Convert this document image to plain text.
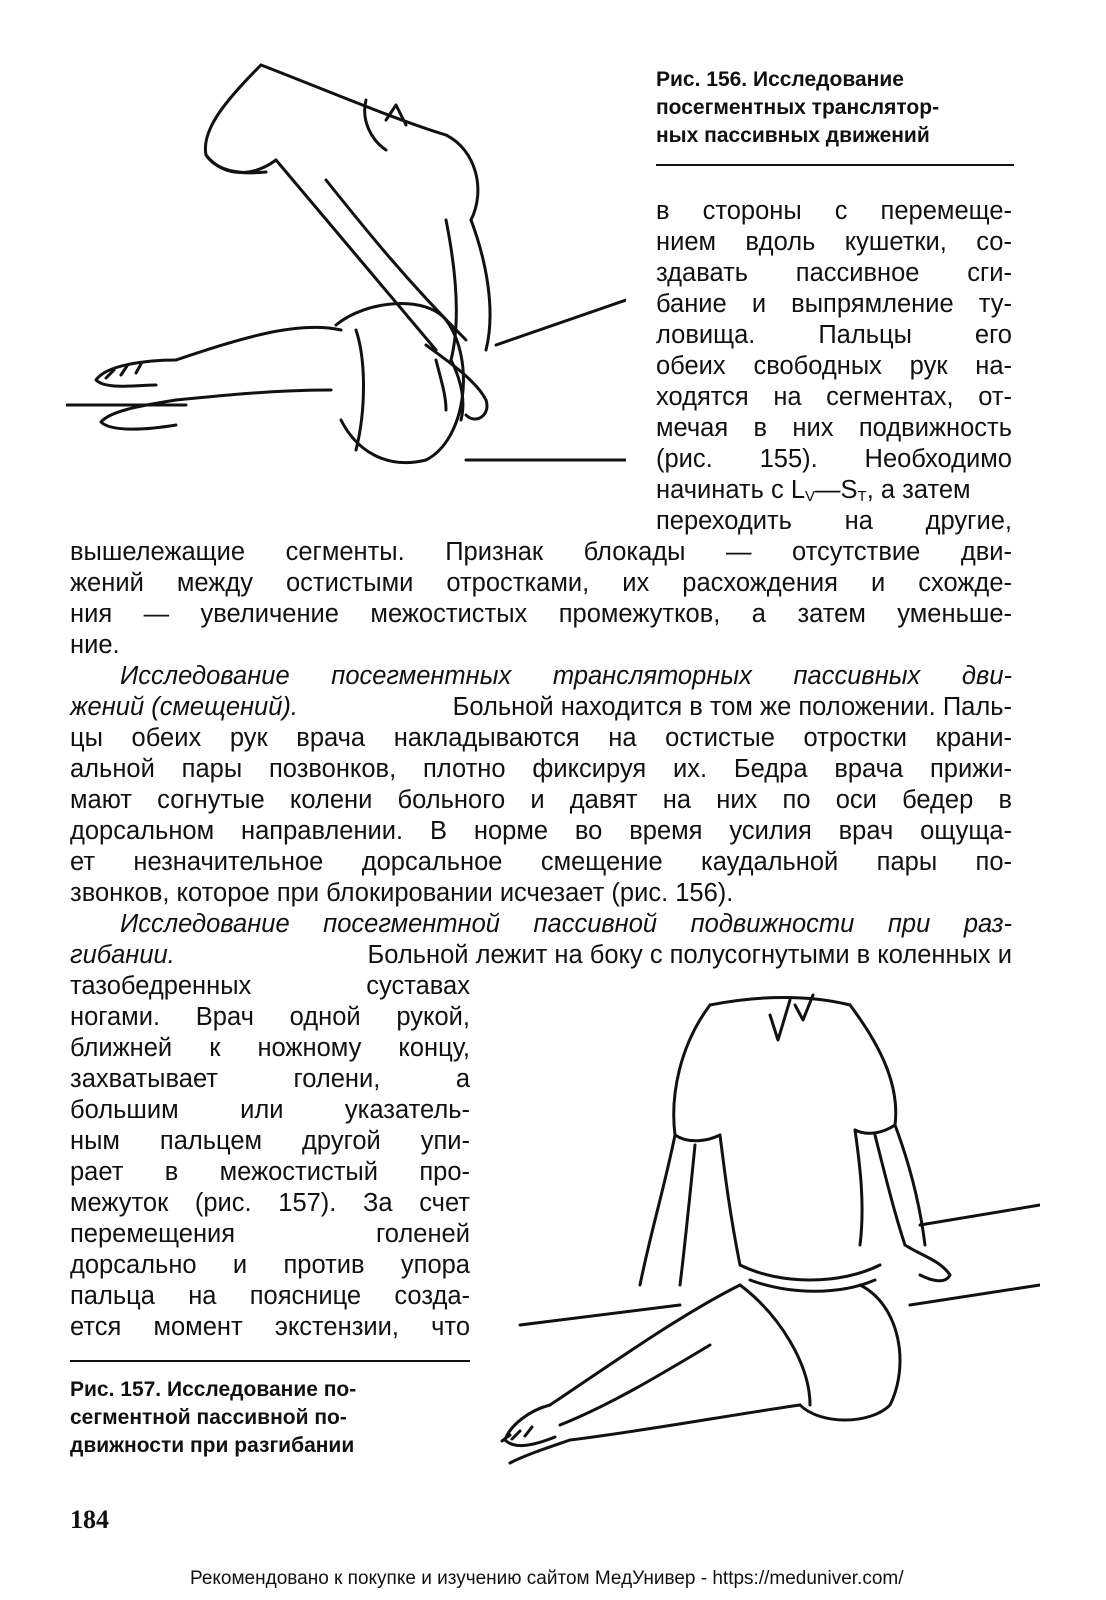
Рис. 156. Исследование
посегментных транслятор-
ных пассивных движений
в стороны с перемеще-
нием вдоль кушетки, со-
здавать пассивное сги-
бание и выпрямление ту-
ловища. Пальцы его
обеих свободных рук на-
ходятся на сегментах, от-
мечая в них подвижность
(рис. 155). Необходимо
начинать с $L_V—S_T$, а затем
переходить на другие,
вышележащие сегменты. Признак блокады — отсутствие дви-
жений между остистыми отростками, их расхождения и схожде-
ния — увеличение межостистых промежутков, а затем уменьше-
ние.
Исследование посегментных трансляторных пассивных дви-
жений (смещений).	Больной находится в том же положении. Паль-
цы обеих рук врача накладываются на остистые отростки крани-
альной пары позвонков, плотно фиксируя их. Бедра врача прижи-
мают согнутые колени больного и давят на них по оси бедер в
дорсальном направлении. В норме во время усилия врач ощуща-
ет незначительное дорсальное смещение каудальной пары по-
звонков, которое при блокировании исчезает (рис. 156).
Исследование посегментной пассивной подвижности при раз-
гибании.	Больной лежит на боку с полусогнутыми в коленных и
тазобедренных суставах
ногами. Врач одной рукой,
ближней к ножному концу,
захватывает голени, а
большим или указатель-
ным пальцем другой упи-
рает в межостистый про-
межуток (рис. 157). За счет
перемещения голеней
дорсально и против упора
пальца на пояснице созда-
ется момент экстензии, что
Рис. 157. Исследование по-
сегментной пассивной по-
движности при разгибании
184
Рекомендовано к покупке и изучению сайтом МедУнивер - https://meduniver.com/
